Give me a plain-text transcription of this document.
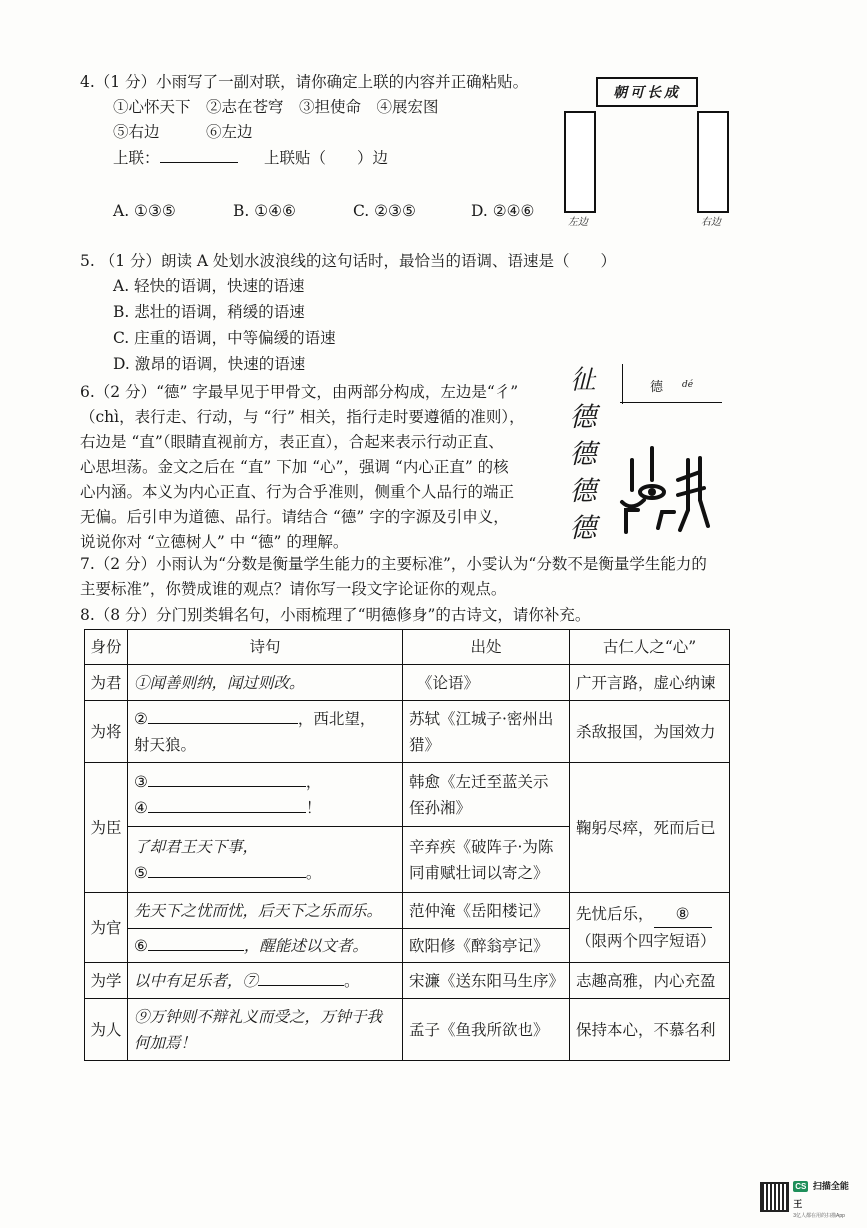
4.（1 分）小雨写了一副对联，请你确定上联的内容并正确粘贴。
①心怀天下　②志在苍穹　③担使命　④展宏图
⑤右边　　　⑥左边
上联：	上联贴（　　）边
A. ①③⑤	B. ①④⑥	C. ②③⑤	D. ②④⑥
朝可长成
左边	右边
5. （1 分）朗读 A 处划水波浪线的这句话时，最恰当的语调、语速是（　　）
A. 轻快的语调，快速的语速
B. 悲壮的语调，稍缓的语速
C. 庄重的语调，中等偏缓的语速
D. 激昂的语调，快速的语速
6.（2 分）“德” 字最早见于甲骨文，由两部分构成，左边是“彳”
（chì，表行走、行动，与 “行” 相关，指行走时要遵循的准则），
右边是 “直”（眼睛直视前方，表正直），合起来表示行动正直、
心思坦荡。金文之后在 “直” 下加 “心”，强调 “内心正直” 的核
心内涵。本义为内心正直、行为合乎准则，侧重个人品行的端正
无偏。后引申为道德、品行。请结合 “德” 字的字源及引申义，
说说你对 “立德树人” 中 “德” 的理解。
𢓊
德
德
德
德
德 dé
7.（2 分）小雨认为“分数是衡量学生能力的主要标准”，小雯认为“分数不是衡量学生能力的
主要标准”，你赞成谁的观点？请你写一段文字论证你的观点。
8.（8 分）分门别类辑名句，小雨梳理了“明德修身”的古诗文，请你补充。
身份	诗句	出处	古仁人之“心”
为君	①闻善则纳，闻过则改。	《论语》	广开言路，虚心纳谏
为将	② ，西北望，
射天狼。	苏轼《江城子·密州出猎》	杀敌报国，为国效力
为臣	③ ，
④ ！	韩愈《左迁至蓝关示侄孙湘》	鞠躬尽瘁，死而后已
	了却君王天下事，
⑤ 。	辛弃疾《破阵子·为陈同甫赋壮词以寄之》	
为官	先天下之忧而忧，后天下之乐而乐。	范仲淹《岳阳楼记》	先忧后乐， ⑧
（限两个四字短语）
	⑥ ，醒能述以文者。	欧阳修《醉翁亭记》	
为学	以中有足乐者，⑦ 。	宋濂《送东阳马生序》	志趣高雅，内心充盈
为人	⑨万钟则不辩礼义而受之，万钟于我何加焉！	孟子《鱼我所欲也》	保持本心，不慕名利
CS 扫描全能王
3亿人都在用的扫描App
